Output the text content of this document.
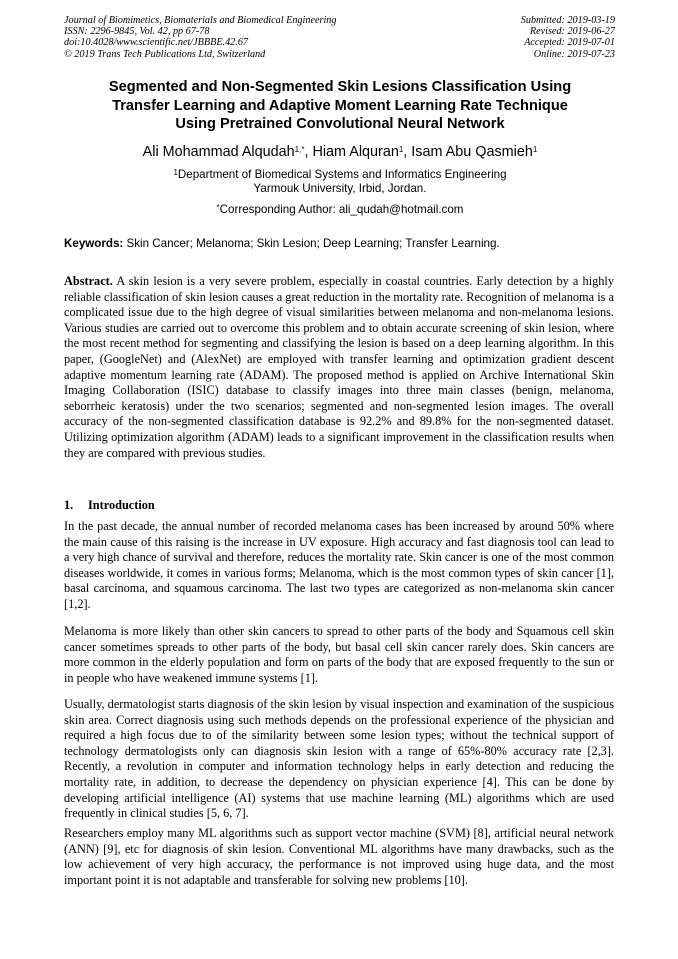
Journal of Biomimetics, Biomaterials and Biomedical Engineering
ISSN: 2296-9845, Vol. 42, pp 67-78
doi:10.4028/www.scientific.net/JBBBE.42.67
© 2019 Trans Tech Publications Ltd, Switzerland
Submitted: 2019-03-19
Revised: 2019-06-27
Accepted: 2019-07-01
Online: 2019-07-23
Segmented and Non-Segmented Skin Lesions Classification Using
Transfer Learning and Adaptive Moment Learning Rate Technique
Using Pretrained Convolutional Neural Network
Ali Mohammad Alqudah$^{1,*}$, Hiam Alquran$^1$, Isam Abu Qasmieh$^1$
$^1$Department of Biomedical Systems and Informatics Engineering
Yarmouk University, Irbid, Jordan.
*Corresponding Author: ali_qudah@hotmail.com
Keywords: Skin Cancer; Melanoma; Skin Lesion; Deep Learning; Transfer Learning.
Abstract. A skin lesion is a very severe problem, especially in coastal countries. Early detection by a highly reliable classification of skin lesion causes a great reduction in the mortality rate. Recognition of melanoma is a complicated issue due to the high degree of visual similarities between melanoma and non-melanoma lesions. Various studies are carried out to overcome this problem and to obtain accurate screening of skin lesion, where the most recent method for segmenting and classifying the lesion is based on a deep learning algorithm. In this paper, (GoogleNet) and (AlexNet) are employed with transfer learning and optimization gradient descent adaptive momentum learning rate (ADAM). The proposed method is applied on Archive International Skin Imaging Collaboration (ISIC) database to classify images into three main classes (benign, melanoma, seborrheic keratosis) under the two scenarios; segmented and non-segmented lesion images. The overall accuracy of the non-segmented classification database is 92.2% and 89.8% for the non-segmented dataset. Utilizing optimization algorithm (ADAM) leads to a significant improvement in the classification results when they are compared with previous studies.
1. Introduction
In the past decade, the annual number of recorded melanoma cases has been increased by around 50% where the main cause of this raising is the increase in UV exposure. High accuracy and fast diagnosis tool can lead to a very high chance of survival and therefore, reduces the mortality rate. Skin cancer is one of the most common diseases worldwide, it comes in various forms; Melanoma, which is the most common types of skin cancer [1], basal carcinoma, and squamous carcinoma. The last two types are categorized as non-melanoma skin cancer [1,2].
Melanoma is more likely than other skin cancers to spread to other parts of the body and Squamous cell skin cancer sometimes spreads to other parts of the body, but basal cell skin cancer rarely does. Skin cancers are more common in the elderly population and form on parts of the body that are exposed frequently to the sun or in people who have weakened immune systems [1].
Usually, dermatologist starts diagnosis of the skin lesion by visual inspection and examination of the suspicious skin area. Correct diagnosis using such methods depends on the professional experience of the physician and required a high focus due to of the similarity between some lesion types; without the technical support of technology dermatologists only can diagnosis skin lesion with a range of 65%-80% accuracy rate [2,3]. Recently, a revolution in computer and information technology helps in early detection and reducing the mortality rate, in addition, to decrease the dependency on physician experience [4]. This can be done by developing artificial intelligence (AI) systems that use machine learning (ML) algorithms which are used frequently in clinical studies [5, 6, 7].
Researchers employ many ML algorithms such as support vector machine (SVM) [8], artificial neural network (ANN) [9], etc for diagnosis of skin lesion. Conventional ML algorithms have many drawbacks, such as the low achievement of very high accuracy, the performance is not improved using huge data, and the most important point it is not adaptable and transferable for solving new problems [10].
